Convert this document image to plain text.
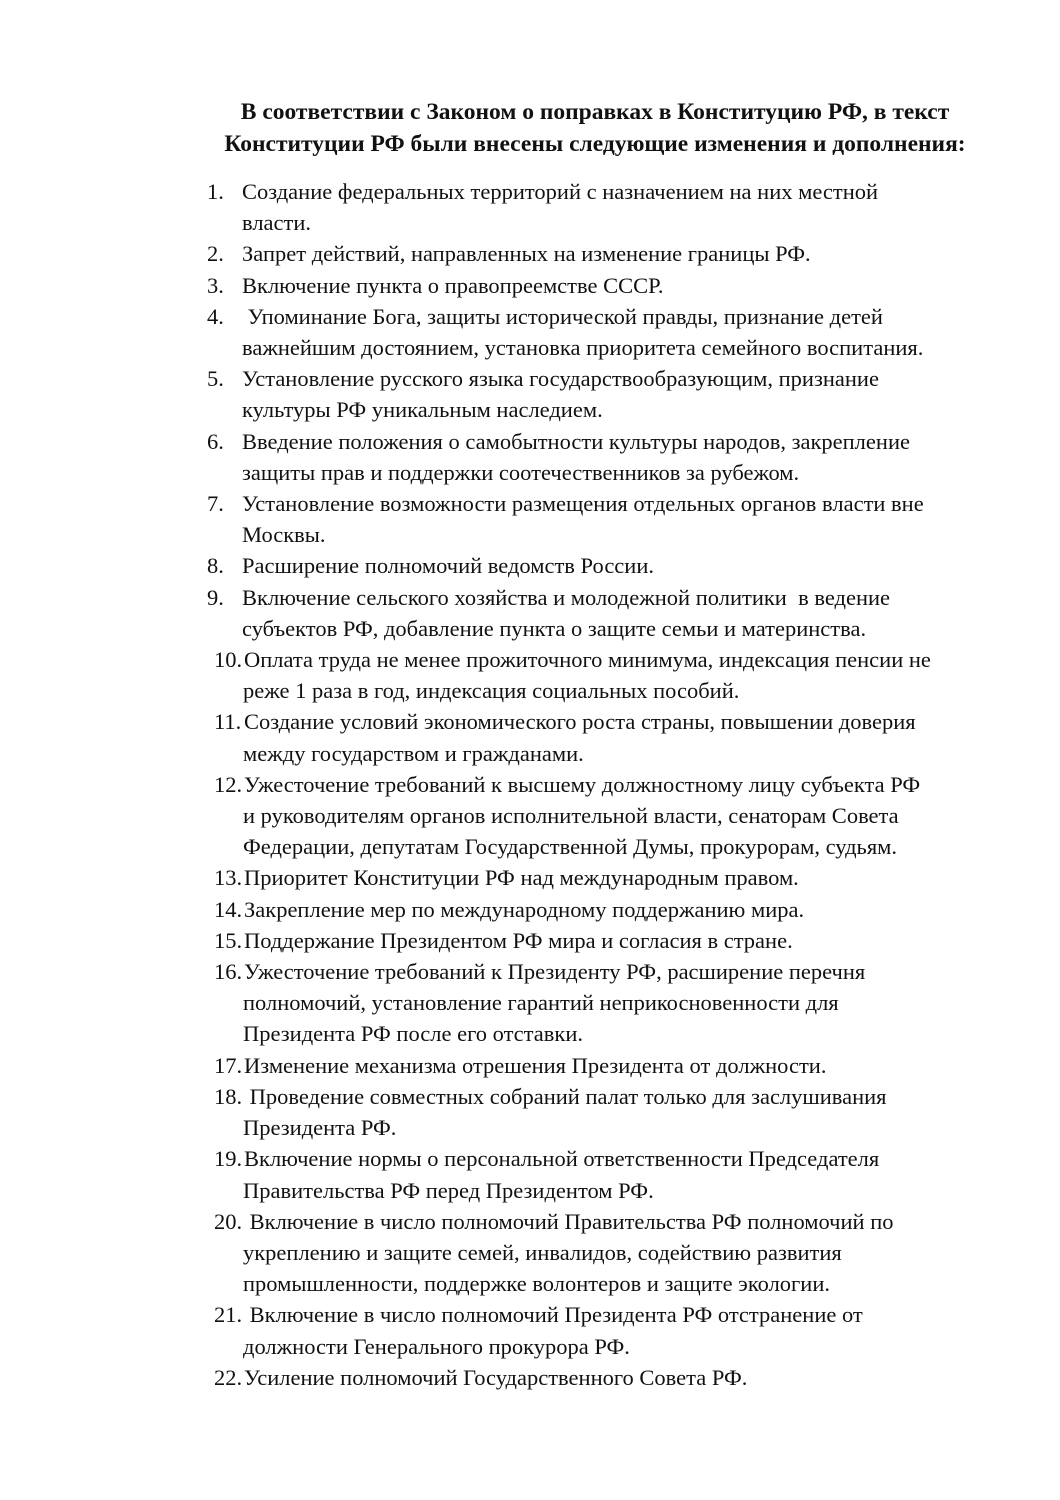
В соответствии с Законом о поправках в Конституцию РФ, в текст
Конституции РФ были внесены следующие изменения и дополнения:
1. Создание федеральных территорий с назначением на них местной
власти.
2. Запрет действий, направленных на изменение границы РФ.
3. Включение пункта о правопреемстве СССР.
4. Упоминание Бога, защиты исторической правды, признание детей
важнейшим достоянием, установка приоритета семейного воспитания.
5. Установление русского языка государствообразующим, признание
культуры РФ уникальным наследием.
6. Введение положения о самобытности культуры народов, закрепление
защиты прав и поддержки соотечественников за рубежом.
7. Установление возможности размещения отдельных органов власти вне
Москвы.
8. Расширение полномочий ведомств России.
9. Включение сельского хозяйства и молодежной политики  в ведение
субъектов РФ, добавление пункта о защите семьи и материнства.
10. Оплата труда не менее прожиточного минимума, индексация пенсии не
реже 1 раза в год, индексация социальных пособий.
11. Создание условий экономического роста страны, повышении доверия
между государством и гражданами.
12. Ужесточение требований к высшему должностному лицу субъекта РФ
и руководителям органов исполнительной власти, сенаторам Совета
Федерации, депутатам Государственной Думы, прокурорам, судьям.
13. Приоритет Конституции РФ над международным правом.
14. Закрепление мер по международному поддержанию мира.
15. Поддержание Президентом РФ мира и согласия в стране.
16. Ужесточение требований к Президенту РФ, расширение перечня
полномочий, установление гарантий неприкосновенности для
Президента РФ после его отставки.
17. Изменение механизма отрешения Президента от должности.
18. Проведение совместных собраний палат только для заслушивания
Президента РФ.
19. Включение нормы о персональной ответственности Председателя
Правительства РФ перед Президентом РФ.
20. Включение в число полномочий Правительства РФ полномочий по
укреплению и защите семей, инвалидов, содействию развития
промышленности, поддержке волонтеров и защите экологии.
21. Включение в число полномочий Президента РФ отстранение от
должности Генерального прокурора РФ.
22. Усиление полномочий Государственного Совета РФ.
